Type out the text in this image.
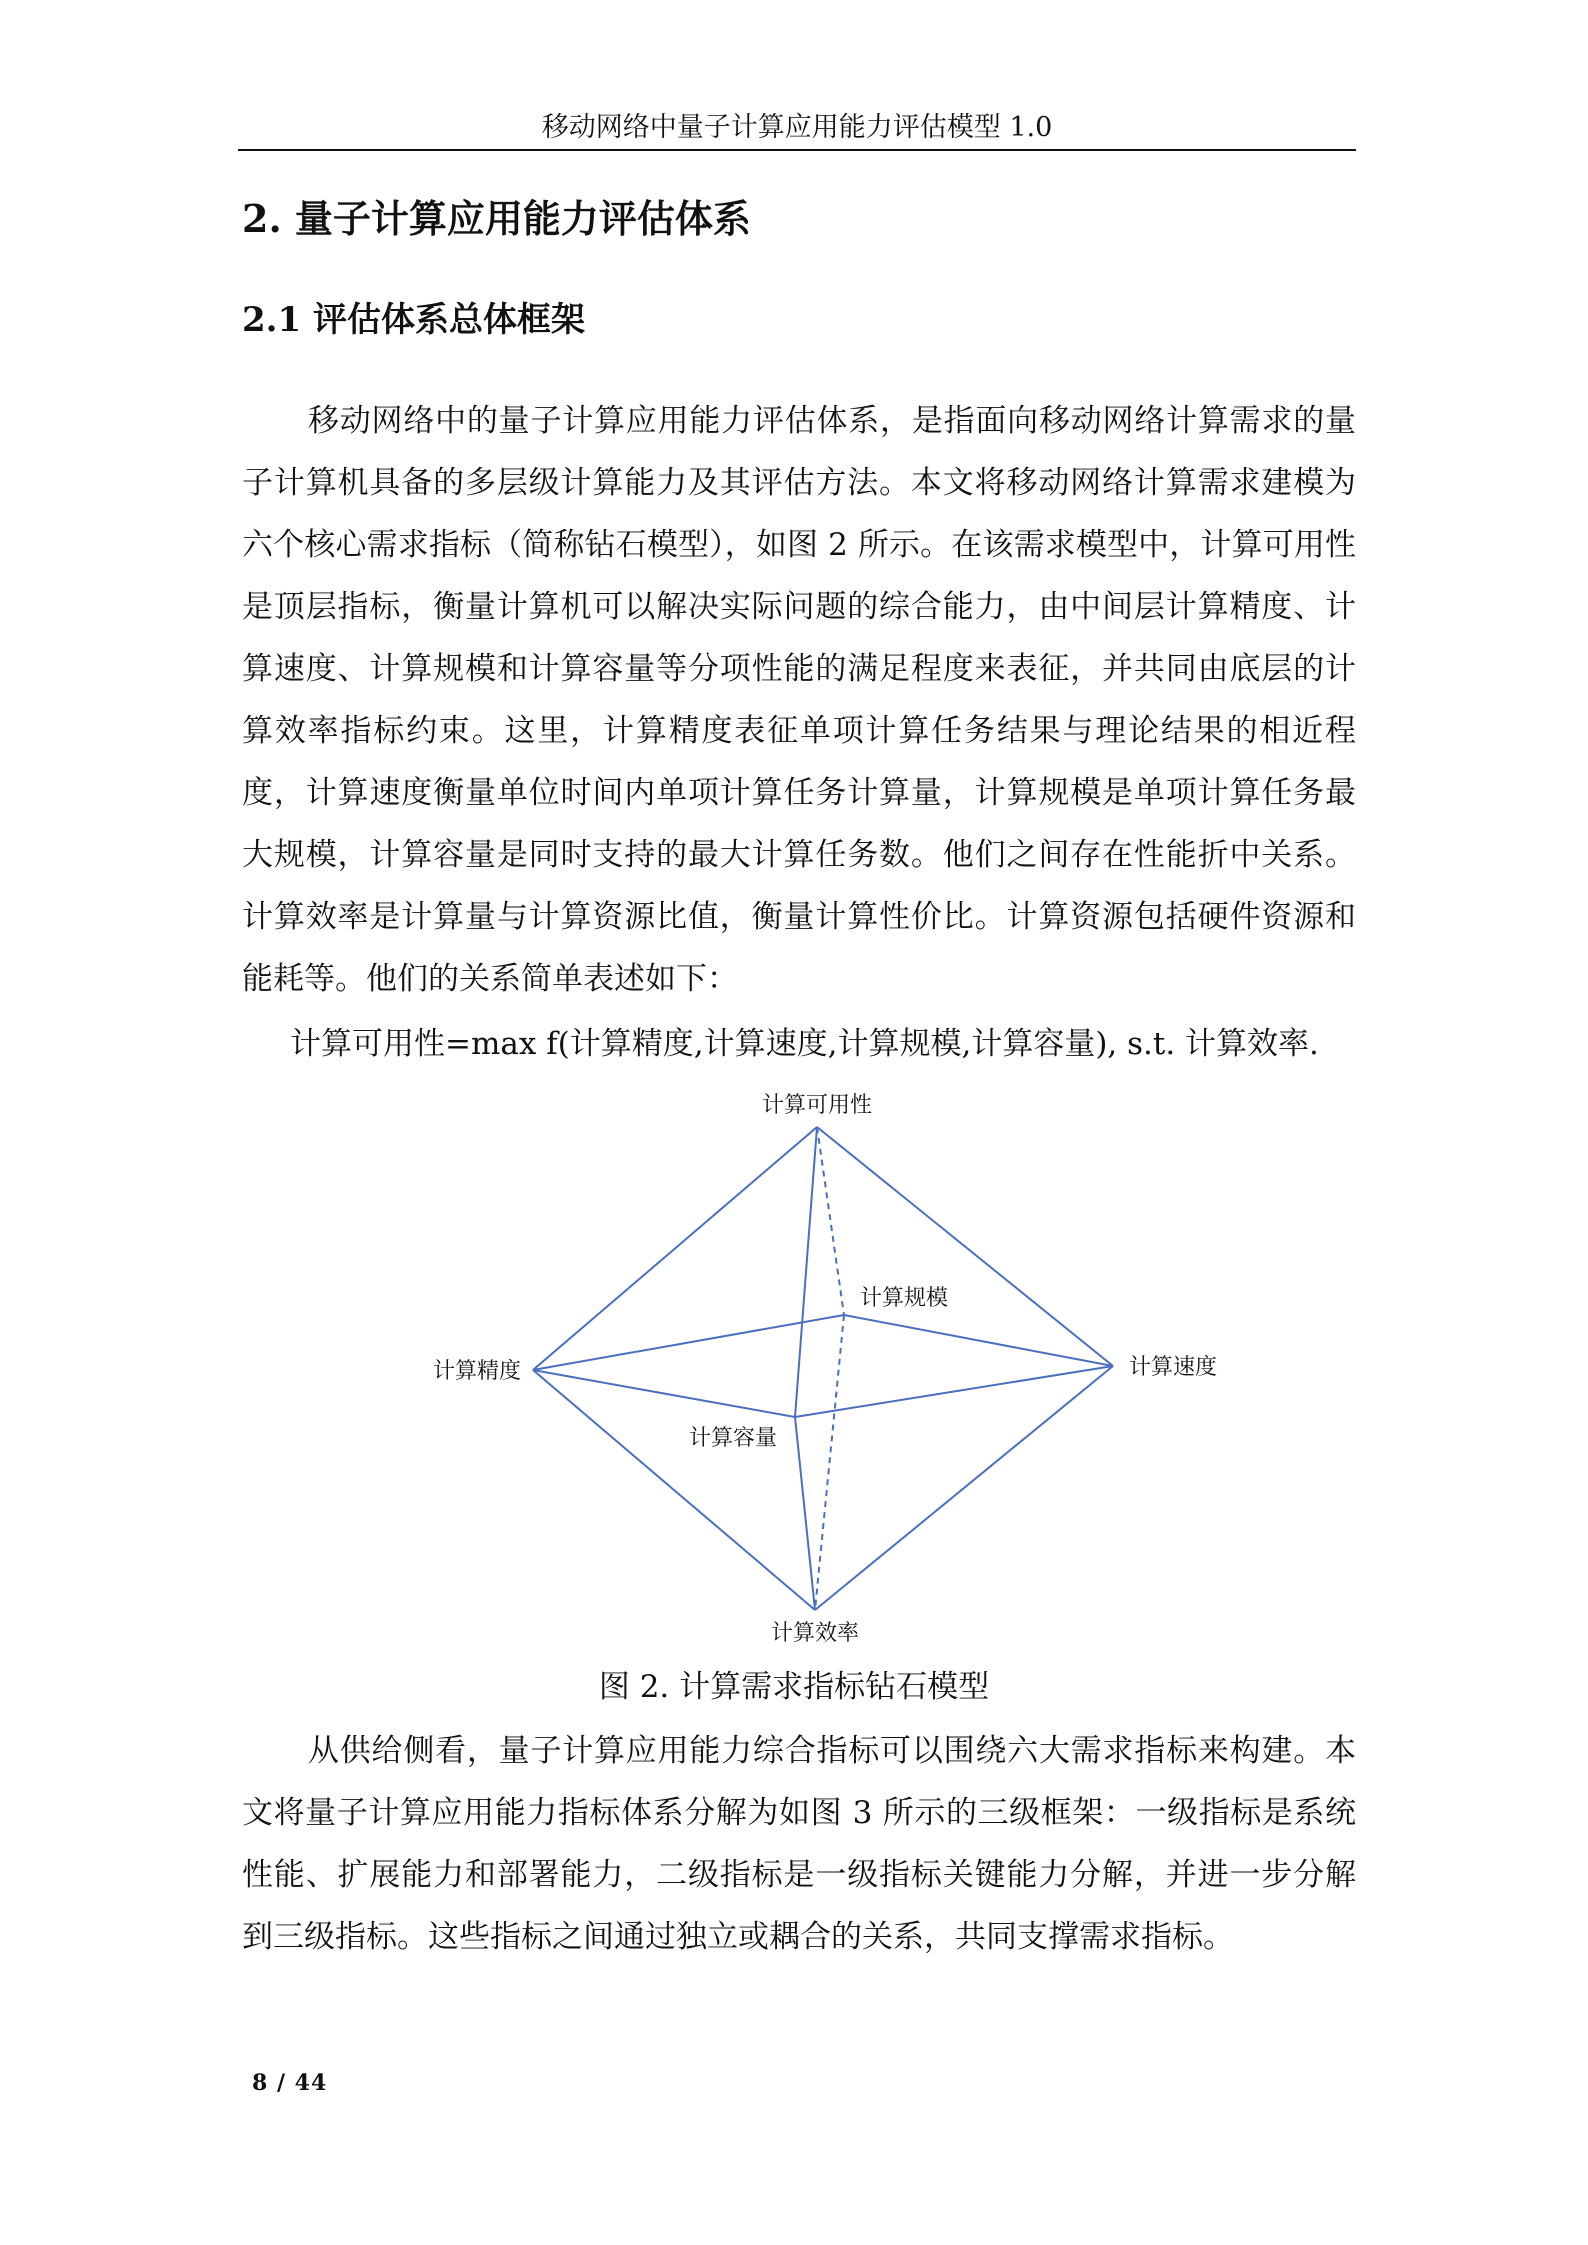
移动网络中量子计算应用能力评估模型 1.0
2. 量子计算应用能力评估体系
2.1 评估体系总体框架

移动网络中的量子计算应用能力评估体系，是指面向移动网络计算需求的量子计算机具备的多层级计算能力及其评估方法。本文将移动网络计算需求建模为六个核心需求指标（简称钻石模型），如图 2 所示。在该需求模型中，计算可用性是顶层指标，衡量计算机可以解决实际问题的综合能力，由中间层计算精度、计算速度、计算规模和计算容量等分项性能的满足程度来表征，并共同由底层的计算效率指标约束。这里，计算精度表征单项计算任务结果与理论结果的相近程度，计算速度衡量单位时间内单项计算任务计算量，计算规模是单项计算任务最大规模，计算容量是同时支持的最大计算任务数。他们之间存在性能折中关系。计算效率是计算量与计算资源比值，衡量计算性价比。计算资源包括硬件资源和能耗等。他们的关系简单表述如下：

计算可用性=max f(计算精度,计算速度,计算规模,计算容量), s.t. 计算效率.

计算可用性
计算规模
计算精度	计算速度
计算容量
计算效率

图 2. 计算需求指标钻石模型

从供给侧看，量子计算应用能力综合指标可以围绕六大需求指标来构建。本文将量子计算应用能力指标体系分解为如图 3 所示的三级框架：一级指标是系统性能、扩展能力和部署能力，二级指标是一级指标关键能力分解，并进一步分解到三级指标。这些指标之间通过独立或耦合的关系，共同支撑需求指标。

8 / 44
